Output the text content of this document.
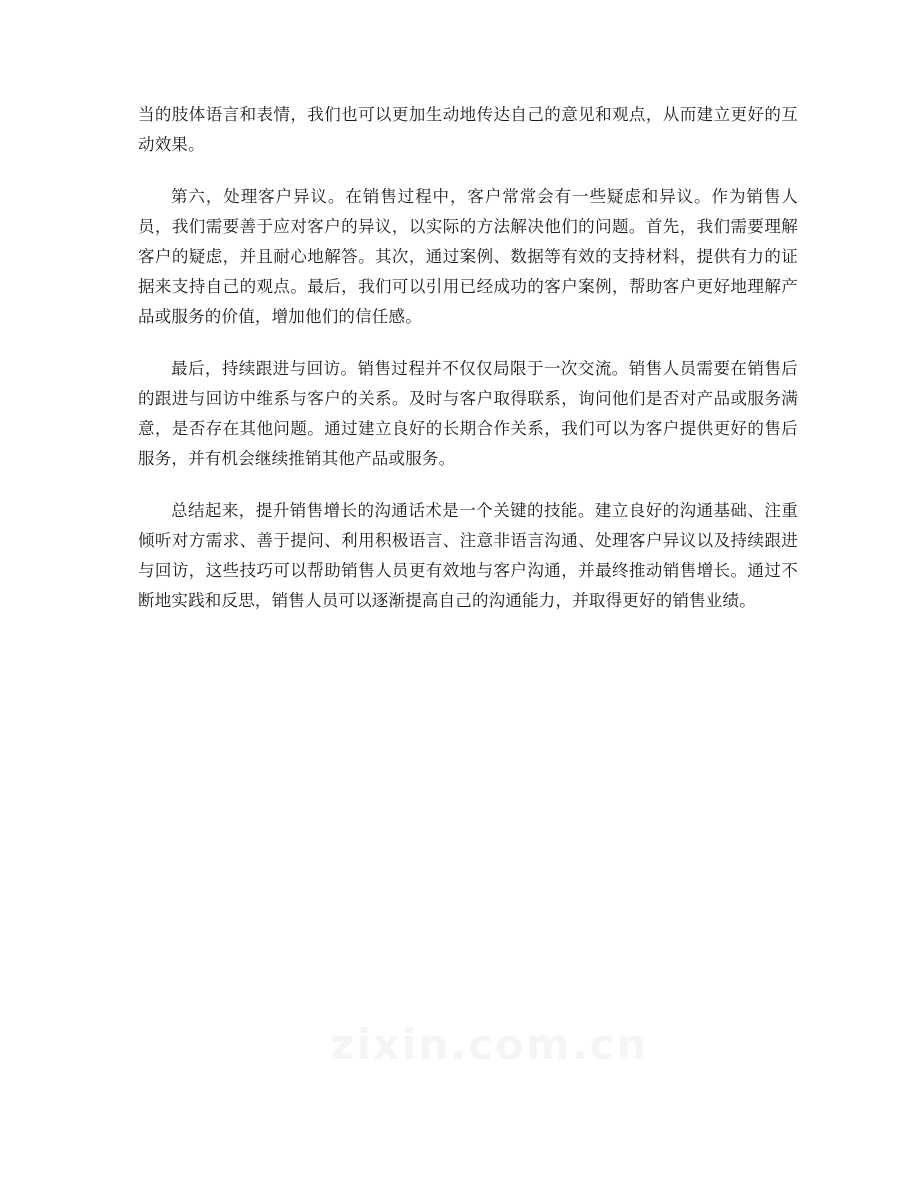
当的肢体语言和表情，我们也可以更加生动地传达自己的意见和观点，从而建立更好的互动效果。

第六，处理客户异议。在销售过程中，客户常常会有一些疑虑和异议。作为销售人员，我们需要善于应对客户的异议，以实际的方法解决他们的问题。首先，我们需要理解客户的疑虑，并且耐心地解答。其次，通过案例、数据等有效的支持材料，提供有力的证据来支持自己的观点。最后，我们可以引用已经成功的客户案例，帮助客户更好地理解产品或服务的价值，增加他们的信任感。

最后，持续跟进与回访。销售过程并不仅仅局限于一次交流。销售人员需要在销售后的跟进与回访中维系与客户的关系。及时与客户取得联系，询问他们是否对产品或服务满意，是否存在其他问题。通过建立良好的长期合作关系，我们可以为客户提供更好的售后服务，并有机会继续推销其他产品或服务。

总结起来，提升销售增长的沟通话术是一个关键的技能。建立良好的沟通基础、注重倾听对方需求、善于提问、利用积极语言、注意非语言沟通、处理客户异议以及持续跟进与回访，这些技巧可以帮助销售人员更有效地与客户沟通，并最终推动销售增长。通过不断地实践和反思，销售人员可以逐渐提高自己的沟通能力，并取得更好的销售业绩。

zixin.com.cn
